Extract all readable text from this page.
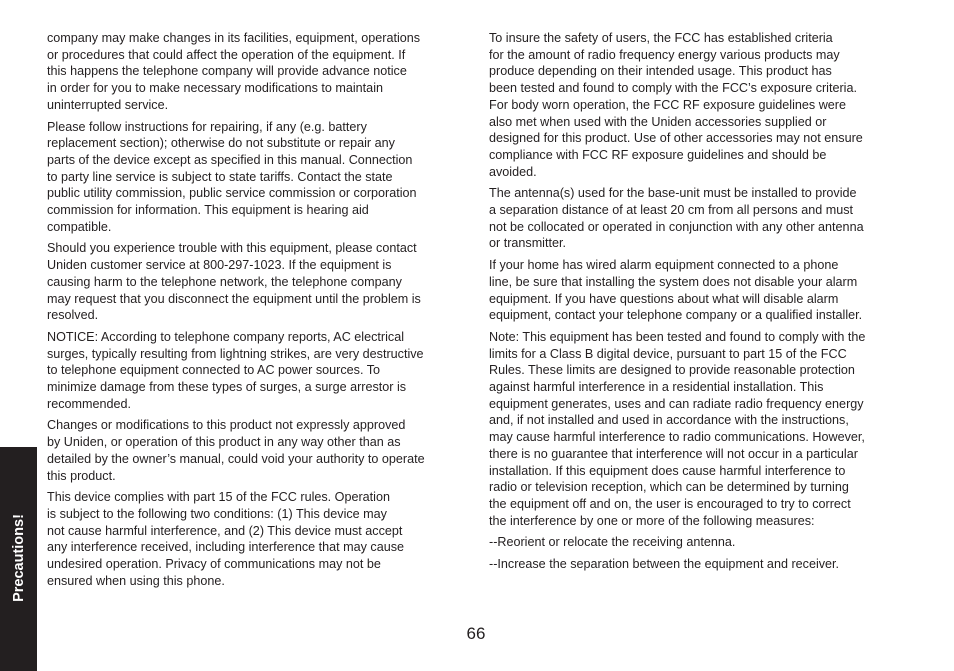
Precautions!

company may make changes in its facilities, equipment, operations
or procedures that could affect the operation of the equipment. If
this happens the telephone company will provide advance notice
in order for you to make necessary modifications to maintain
uninterrupted service.

Please follow instructions for repairing, if any (e.g. battery
replacement section); otherwise do not substitute or repair any
parts of the device except as specified in this manual. Connection
to party line service is subject to state tariffs. Contact the state
public utility commission, public service commission or corporation
commission for information. This equipment is hearing aid
compatible.

Should you experience trouble with this equipment, please contact
Uniden customer service at 800-297-1023. If the equipment is
causing harm to the telephone network, the telephone company
may request that you disconnect the equipment until the problem is
resolved.

NOTICE: According to telephone company reports, AC electrical
surges, typically resulting from lightning strikes, are very destructive
to telephone equipment connected to AC power sources. To
minimize damage from these types of surges, a surge arrestor is
recommended.

Changes or modifications to this product not expressly approved
by Uniden, or operation of this product in any way other than as
detailed by the owner’s manual, could void your authority to operate
this product.

This device complies with part 15 of the FCC rules. Operation
is subject to the following two conditions: (1) This device may
not cause harmful interference, and (2) This device must accept
any interference received, including interference that may cause
undesired operation. Privacy of communications may not be
ensured when using this phone.

To insure the safety of users, the FCC has established criteria
for the amount of radio frequency energy various products may
produce depending on their intended usage. This product has
been tested and found to comply with the FCC’s exposure criteria.
For body worn operation, the FCC RF exposure guidelines were
also met when used with the Uniden accessories supplied or
designed for this product. Use of other accessories may not ensure
compliance with FCC RF exposure guidelines and should be
avoided.

The antenna(s) used for the base-unit must be installed to provide
a separation distance of at least 20 cm from all persons and must
not be collocated or operated in conjunction with any other antenna
or transmitter.

If your home has wired alarm equipment connected to a phone
line, be sure that installing the system does not disable your alarm
equipment. If you have questions about what will disable alarm
equipment, contact your telephone company or a qualified installer.

Note: This equipment has been tested and found to comply with the
limits for a Class B digital device, pursuant to part 15 of the FCC
Rules. These limits are designed to provide reasonable protection
against harmful interference in a residential installation. This
equipment generates, uses and can radiate radio frequency energy
and, if not installed and used in accordance with the instructions,
may cause harmful interference to radio communications. However,
there is no guarantee that interference will not occur in a particular
installation. If this equipment does cause harmful interference to
radio or television reception, which can be determined by turning
the equipment off and on, the user is encouraged to try to correct
the interference by one or more of the following measures:

--Reorient or relocate the receiving antenna.

--Increase the separation between the equipment and receiver.

66
